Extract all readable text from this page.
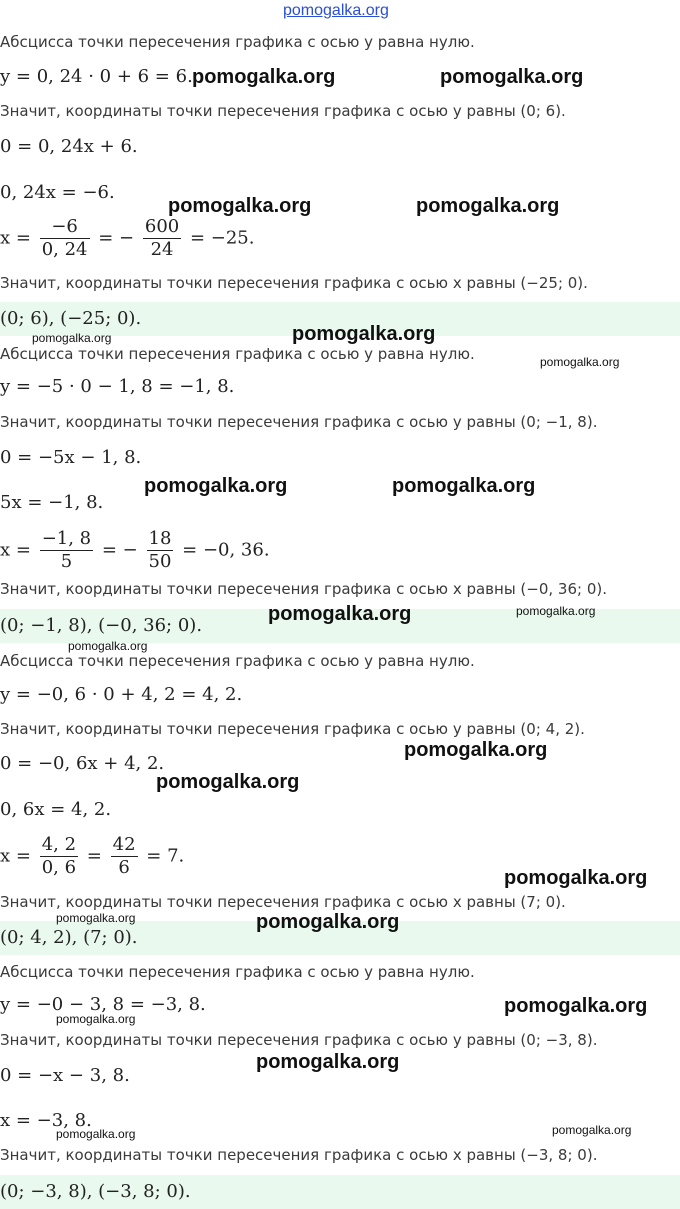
pomogalka.org
Абсцисса точки пересечения графика с осью y равна нулю.
y = 0, 24 · 0 + 6 = 6.
Значит, координаты точки пересечения графика с осью y равны (0; 6).
0 = 0, 24x + 6.
0, 24x = −6.
$x = \frac{-6}{0, 24}$ = − $\frac{600}{24} = -25$.
Значит, координаты точки пересечения графика с осью x равны (−25; 0).
(0; 6), (−25; 0).
Абсцисса точки пересечения графика с осью y равна нулю.
y = −5 · 0 − 1, 8 = −1, 8.
Значит, координаты точки пересечения графика с осью y равны (0; −1, 8).
0 = −5x − 1, 8.
5x = −1, 8.
$x = \frac{-1, 8}{5}$ = − $\frac{18}{50} = -0$, 36.
Значит, координаты точки пересечения графика с осью x равны (−0, 36; 0).
(0; −1, 8), (−0, 36; 0).
Абсцисса точки пересечения графика с осью y равна нулю.
y = −0, 6 · 0 + 4, 2 = 4, 2.
Значит, координаты точки пересечения графика с осью y равны (0; 4, 2).
0 = −0, 6x + 4, 2.
0, 6x = 4, 2.
$x = \frac{4, 2}{0, 6} = \frac{42}{6} = 7$.
Значит, координаты точки пересечения графика с осью x равны (7; 0).
(0; 4, 2), (7; 0).
Абсцисса точки пересечения графика с осью y равна нулю.
y = −0 − 3, 8 = −3, 8.
Значит, координаты точки пересечения графика с осью y равны (0; −3, 8).
0 = −x − 3, 8.
x = −3, 8.
Значит, координаты точки пересечения графика с осью x равны (−3, 8; 0).
(0; −3, 8), (−3, 8; 0).
pomogalka.org	pomogalka.org
pomogalka.org	pomogalka.org
pomogalka.org	pomogalka.org
pomogalka.org
pomogalka.org	pomogalka.org
pomogalka.org	pomogalka.org
pomogalka.org
pomogalka.org
pomogalka.org
pomogalka.org
pomogalka.org	pomogalka.org
pomogalka.org
pomogalka.org
pomogalka.org
pomogalka.org	pomogalka.org
